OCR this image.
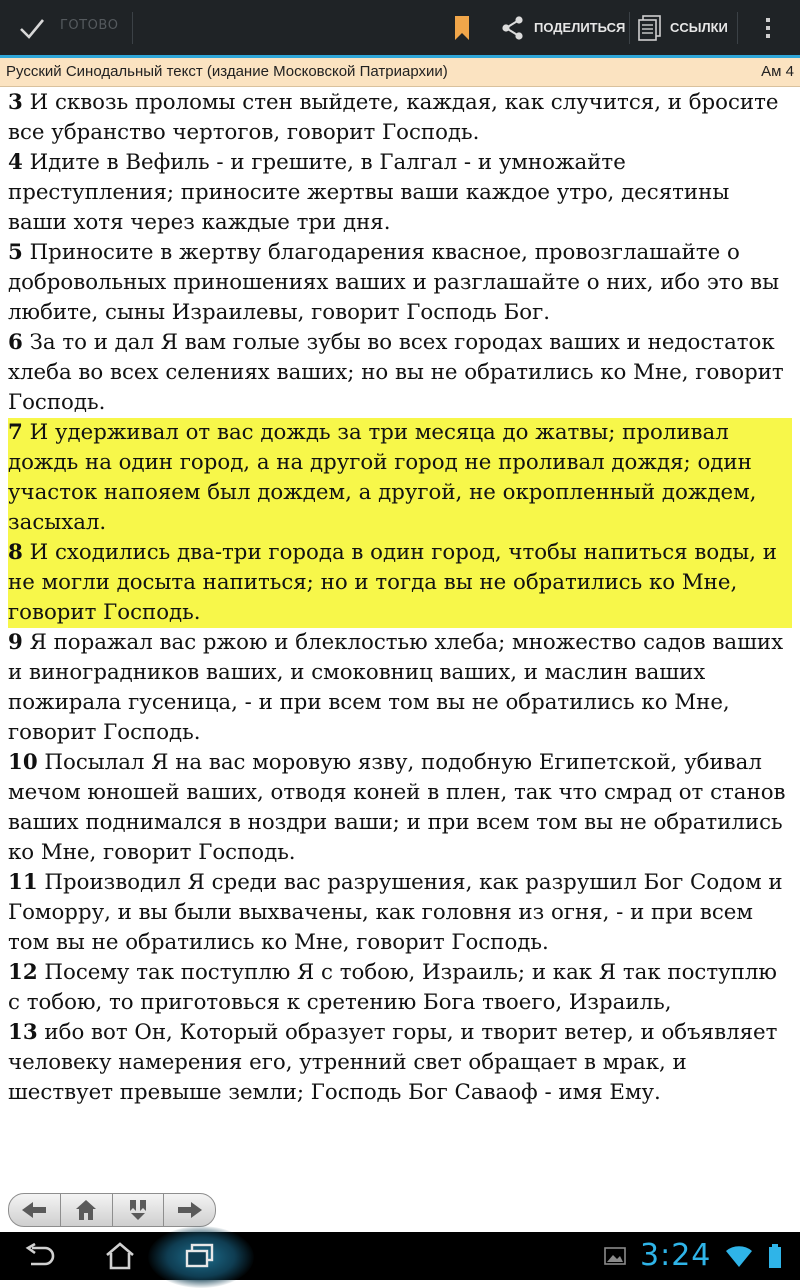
ГОТОВО	ПОДЕЛИТЬСЯ	ССЫЛКИ
Русский Синодальный текст (издание Московской Патриархии)	Ам 4
3 И сквозь проломы стен выйдете, каждая, как случится, и бросите все убранство чертогов, говорит Господь.
4 Идите в Вефиль - и грешите, в Галгал - и умножайте преступления; приносите жертвы ваши каждое утро, десятины ваши хотя через каждые три дня.
5 Приносите в жертву благодарения квасное, провозглашайте о добровольных приношениях ваших и разглашайте о них, ибо это вы любите, сыны Израилевы, говорит Господь Бог.
6 За то и дал Я вам голые зубы во всех городах ваших и недостаток хлеба во всех селениях ваших; но вы не обратились ко Мне, говорит Господь.
7 И удерживал от вас дождь за три месяца до жатвы; проливал дождь на один город, а на другой город не проливал дождя; один участок напояем был дождем, а другой, не окропленный дождем, засыхал.
8 И сходились два-три города в один город, чтобы напиться воды, и не могли досыта напиться; но и тогда вы не обратились ко Мне, говорит Господь.
9 Я поражал вас ржою и блеклостью хлеба; множество садов ваших и виноградников ваших, и смоковниц ваших, и маслин ваших пожирала гусеница, - и при всем том вы не обратились ко Мне, говорит Господь.
10 Посылал Я на вас моровую язву, подобную Египетской, убивал мечом юношей ваших, отводя коней в плен, так что смрад от станов ваших поднимался в ноздри ваши; и при всем том вы не обратились ко Мне, говорит Господь.
11 Производил Я среди вас разрушения, как разрушил Бог Содом и Гоморру, и вы были выхвачены, как головня из огня, - и при всем том вы не обратились ко Мне, говорит Господь.
12 Посему так поступлю Я с тобою, Израиль; и как Я так поступлю с тобою, то приготовься к сретению Бога твоего, Израиль,
13 ибо вот Он, Который образует горы, и творит ветер, и объявляет человеку намерения его, утренний свет обращает в мрак, и шествует превыше земли; Господь Бог Саваоф - имя Ему.
3:24
